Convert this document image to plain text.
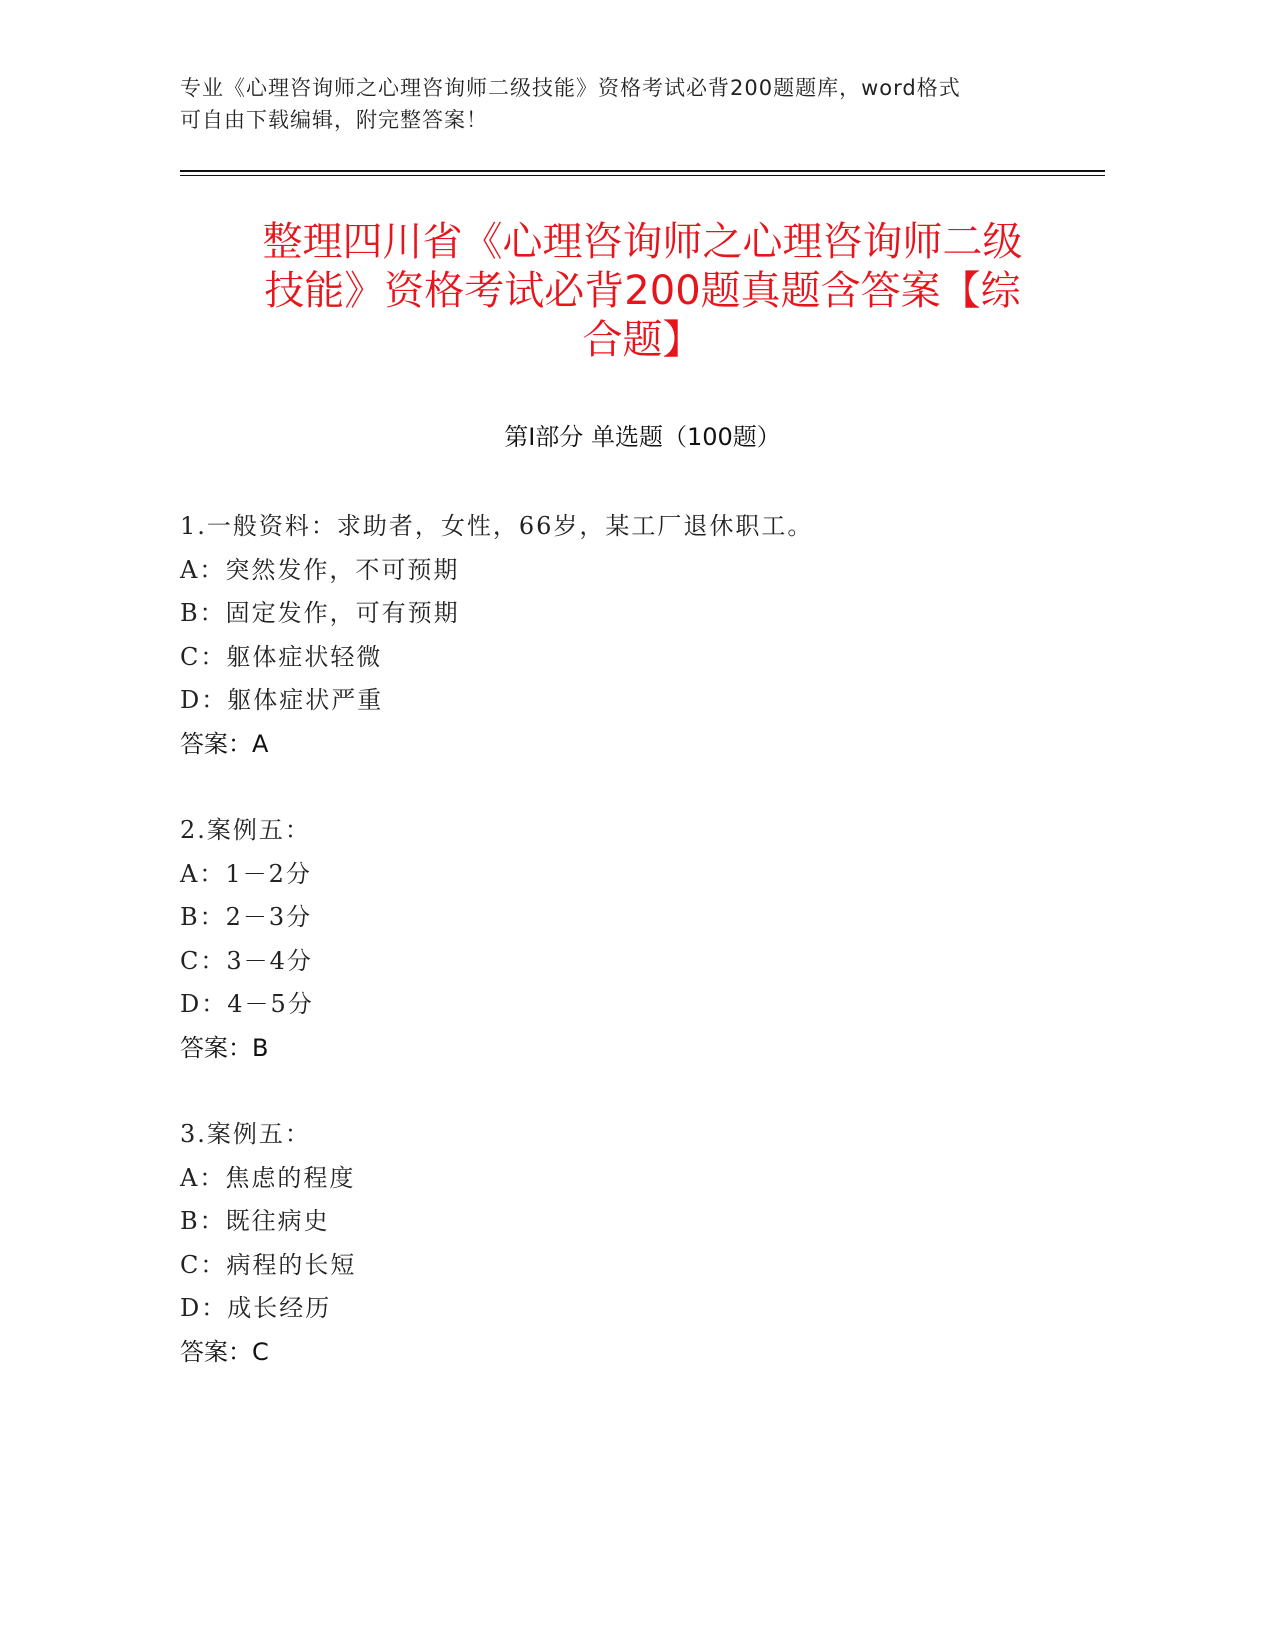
专业《心理咨询师之心理咨询师二级技能》资格考试必背200题题库，word格式
可自由下载编辑，附完整答案！
整理四川省《心理咨询师之心理咨询师二级
技能》资格考试必背200题真题含答案【综
合题】
第Ⅰ部分 单选题（100题）
1.一般资料：求助者，女性，66岁，某工厂退休职工。
A：突然发作，不可预期
B：固定发作，可有预期
C：躯体症状轻微
D：躯体症状严重
答案：A
2.案例五：
A：1－2分
B：2－3分
C：3－4分
D：4－5分
答案：B
3.案例五：
A：焦虑的程度
B：既往病史
C：病程的长短
D：成长经历
答案：C
